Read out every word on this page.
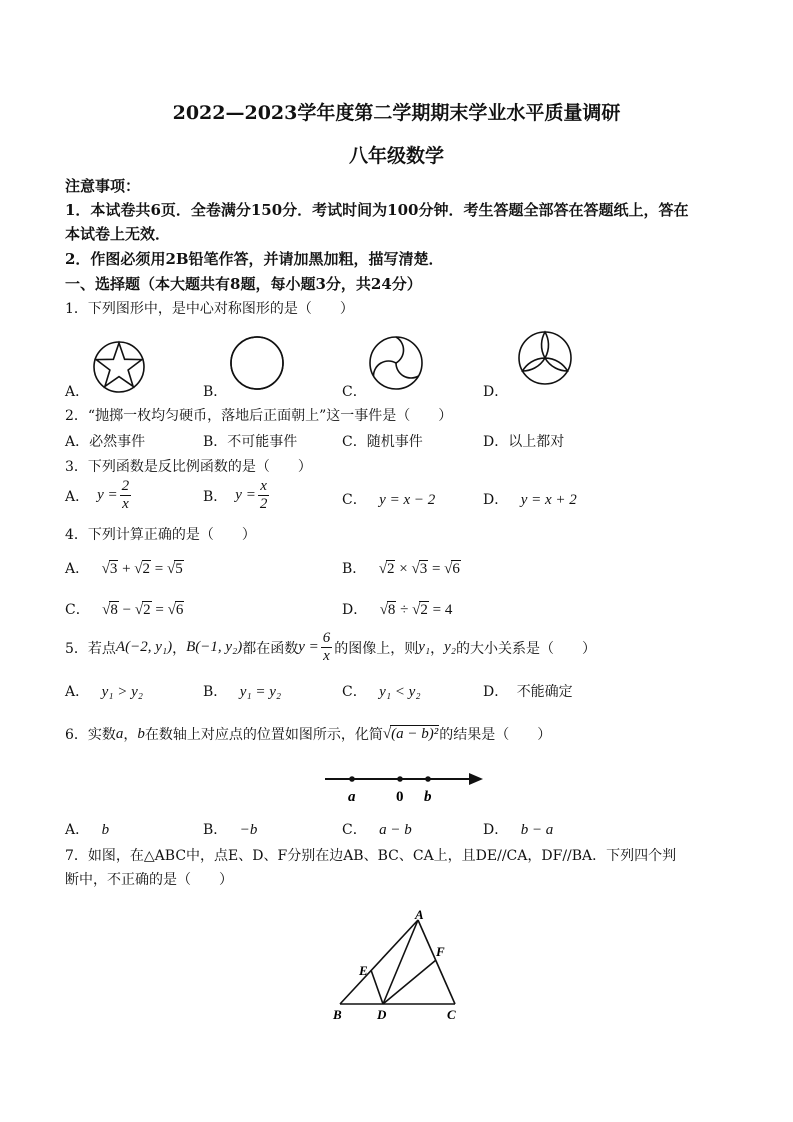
2022—2023学年度第二学期期末学业水平质量调研
八年级数学
注意事项：
1．本试卷共6页．全卷满分150分．考试时间为100分钟．考生答题全部答在答题纸上，答在
本试卷上无效．
2．作图必须用2B铅笔作答，并请加黑加粗，描写清楚．
一、选择题（本大题共有8题，每小题3分，共24分）
1．下列图形中，是中心对称图形的是（　　）
A．	B．	C．	D．
2．“抛掷一枚均匀硬币，落地后正面朝上”这一事件是（　　）
A．必然事件	B．不可能事件	C．随机事件	D．以上都对
3．下列函数是反比例函数的是（　　）
A． $y = \frac{2}{x}$	B． $y = \frac{x}{2}$	C． y = x − 2	D． y = x + 2
4．下列计算正确的是（　　）
A． √3 + √2 = √5	B． √2 × √3 = √6
C． √8 − √2 = √6	D． √8 ÷ √2 = 4
5．若点 A(−2, y₁) ， B(−1, y₂) 都在函数 $y = \frac{6}{x}$ 的图像上，则 y₁ ， y₂ 的大小关系是（　　）
A． y₁ > y₂	B． y₁ = y₂	C． y₁ < y₂	D． 不能确定
6．实数 a ， b 在数轴上对应点的位置如图所示，化简 √(a − b)² 的结果是（　　）
a	0 b
A． b	B． −b	C． a − b	D． b − a
7．如图，在△ABC中，点E、D、F分别在边AB、BC、CA上，且DE//CA，DF//BA．下列四个判
断中，不正确的是（　　）
A
B	C
D
E
F
